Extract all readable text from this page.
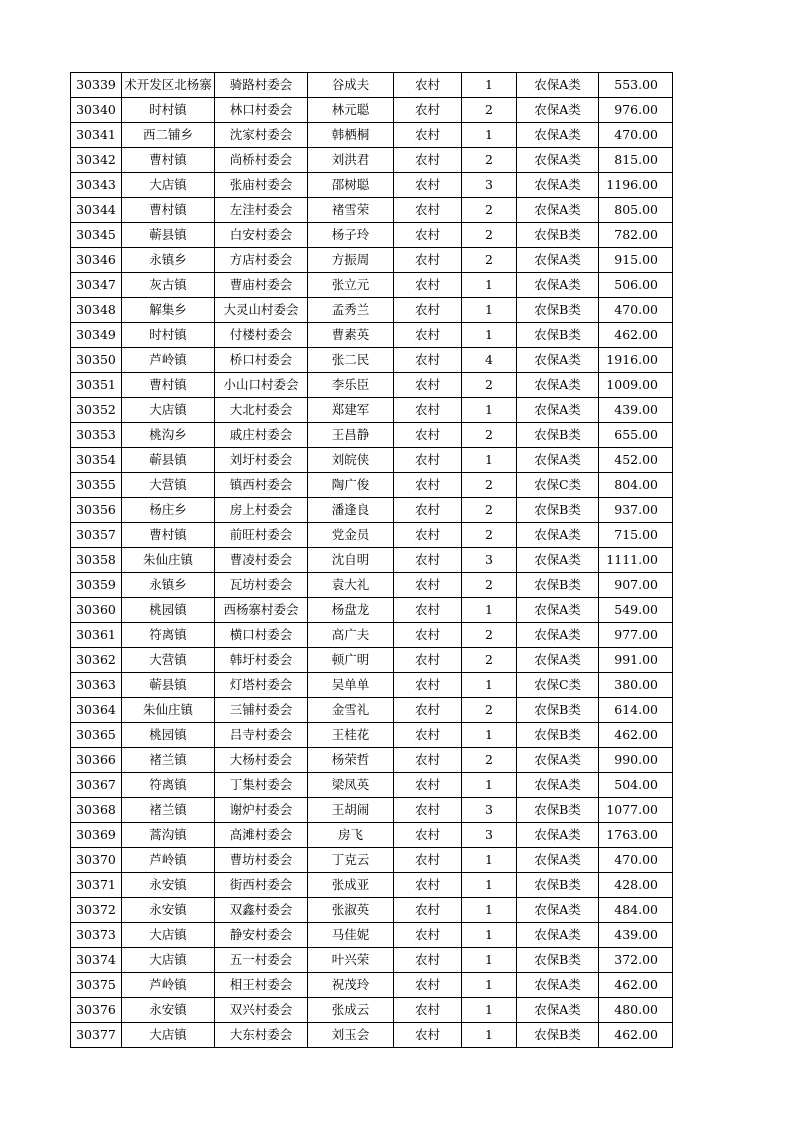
30339	术开发区北杨寨	骑路村委会	谷成夫	农村	1	农保A类	553.00
30340	时村镇	林口村委会	林元聪	农村	2	农保A类	976.00
30341	西二铺乡	沈家村委会	韩栖桐	农村	1	农保A类	470.00
30342	曹村镇	尚桥村委会	刘洪君	农村	2	农保A类	815.00
30343	大店镇	张庙村委会	邵树聪	农村	3	农保A类	1196.00
30344	曹村镇	左洼村委会	褚雪荣	农村	2	农保A类	805.00
30345	蕲县镇	白安村委会	杨子玲	农村	2	农保B类	782.00
30346	永镇乡	方店村委会	方振周	农村	2	农保A类	915.00
30347	灰古镇	曹庙村委会	张立元	农村	1	农保A类	506.00
30348	解集乡	大灵山村委会	孟秀兰	农村	1	农保B类	470.00
30349	时村镇	付楼村委会	曹素英	农村	1	农保B类	462.00
30350	芦岭镇	桥口村委会	张二民	农村	4	农保A类	1916.00
30351	曹村镇	小山口村委会	李乐臣	农村	2	农保A类	1009.00
30352	大店镇	大北村委会	郑建军	农村	1	农保A类	439.00
30353	桃沟乡	戚庄村委会	王昌静	农村	2	农保B类	655.00
30354	蕲县镇	刘圩村委会	刘皖侠	农村	1	农保A类	452.00
30355	大营镇	镇西村委会	陶广俊	农村	2	农保C类	804.00
30356	杨庄乡	房上村委会	潘逢良	农村	2	农保B类	937.00
30357	曹村镇	前旺村委会	党金员	农村	2	农保A类	715.00
30358	朱仙庄镇	曹凌村委会	沈自明	农村	3	农保A类	1111.00
30359	永镇乡	瓦坊村委会	袁大礼	农村	2	农保B类	907.00
30360	桃园镇	西杨寨村委会	杨盘龙	农村	1	农保A类	549.00
30361	符离镇	横口村委会	高广夫	农村	2	农保A类	977.00
30362	大营镇	韩圩村委会	顿广明	农村	2	农保A类	991.00
30363	蕲县镇	灯塔村委会	吴单单	农村	1	农保C类	380.00
30364	朱仙庄镇	三铺村委会	金雪礼	农村	2	农保B类	614.00
30365	桃园镇	吕寺村委会	王桂花	农村	1	农保B类	462.00
30366	褚兰镇	大杨村委会	杨荣哲	农村	2	农保A类	990.00
30367	符离镇	丁集村委会	梁凤英	农村	1	农保A类	504.00
30368	褚兰镇	谢炉村委会	王胡闹	农村	3	农保B类	1077.00
30369	蒿沟镇	高滩村委会	房飞	农村	3	农保A类	1763.00
30370	芦岭镇	曹坊村委会	丁克云	农村	1	农保A类	470.00
30371	永安镇	街西村委会	张成亚	农村	1	农保B类	428.00
30372	永安镇	双鑫村委会	张淑英	农村	1	农保A类	484.00
30373	大店镇	静安村委会	马佳妮	农村	1	农保A类	439.00
30374	大店镇	五一村委会	叶兴荣	农村	1	农保B类	372.00
30375	芦岭镇	相王村委会	祝茂玲	农村	1	农保A类	462.00
30376	永安镇	双兴村委会	张成云	农村	1	农保A类	480.00
30377	大店镇	大东村委会	刘玉会	农村	1	农保B类	462.00
